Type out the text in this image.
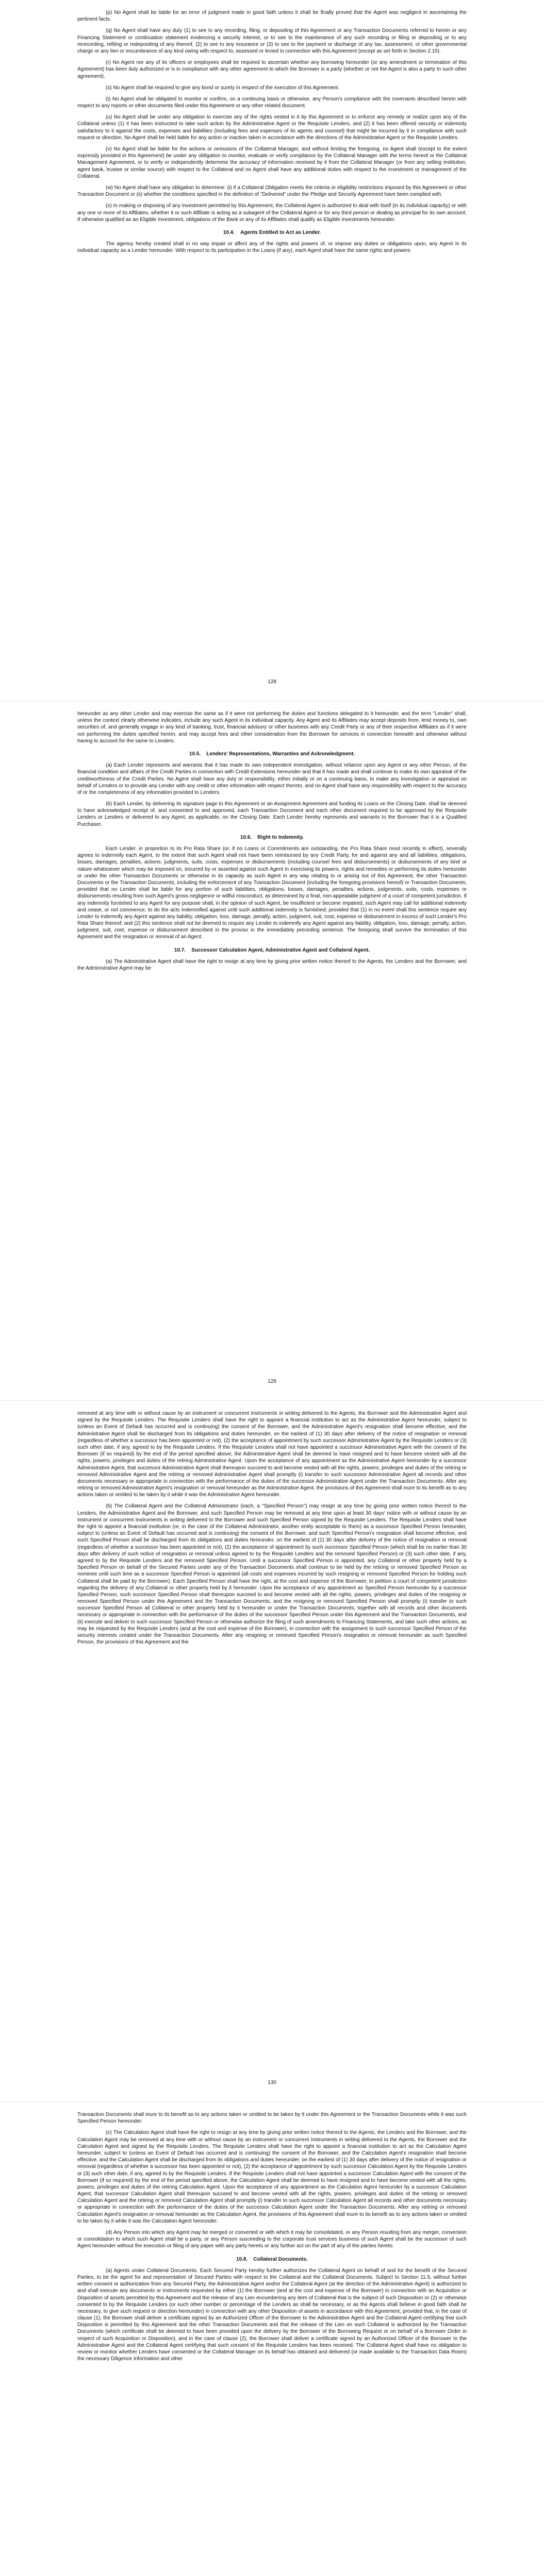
(p) No Agent shall be liable for an error of judgment made in good faith unless it shall be finally proved that the Agent was negligent in ascertaining the pertinent facts.

(q) No Agent shall have any duty (1) to see to any recording, filing, or depositing of this Agreement or any Transaction Documents referred to herein or any Financing Statement or continuation statement evidencing a security interest, or to see to the maintenance of any such recording or filing or depositing or to any rerecording, refiling or redepositing of any thereof, (2) to see to any insurance or (3) to see to the payment or discharge of any tax, assessment, or other governmental charge or any lien or encumbrance of any kind owing with respect to, assessed or levied in connection with this Agreement (except as set forth in Section 2.15).

(r) No Agent nor any of its officers or employees shall be required to ascertain whether any borrowing hereunder (or any amendment or termination of this Agreement) has been duly authorized or is in compliance with any other agreement to which the Borrower is a party (whether or not the Agent is also a party to such other agreement).

(s) No Agent shall be required to give any bond or surety in respect of the execution of this Agreement.

(t) No Agent shall be obligated to monitor or confirm, on a continuing basis or otherwise, any Person's compliance with the covenants described herein with respect to any reports or other documents filed under this Agreement or any other related document.

(u) No Agent shall be under any obligation to exercise any of the rights vested in it by this Agreement or to enforce any remedy or realize upon any of the Collateral unless (1) it has been instructed to take such action by the Administrative Agent or the Requisite Lenders, and (2) it has been offered security or indemnity satisfactory to it against the costs, expenses and liabilities (including fees and expenses of its agents and counsel) that might be incurred by it in compliance with such request or direction. No Agent shall be held liable for any action or inaction taken in accordance with the directions of the Administrative Agent or the Requisite Lenders.

(v) No Agent shall be liable for the actions or omissions of the Collateral Manager, and without limiting the foregoing, no Agent shall (except to the extent expressly provided in this Agreement) be under any obligation to monitor, evaluate or verify compliance by the Collateral Manager with the terms hereof or the Collateral Management Agreement, or to verify or independently determine the accuracy of information received by it from the Collateral Manager (or from any selling institution, agent bank, trustee or similar source) with respect to the Collateral and no Agent shall have any additional duties with respect to the investment or management of the Collateral.

(w) No Agent shall have any obligation to determine: (i) if a Collateral Obligation meets the criteria or eligibility restrictions imposed by this Agreement or other Transaction Document or (ii) whether the conditions specified in the definition of "Delivered" under the Pledge and Security Agreement have been complied with.

(x) In making or disposing of any investment permitted by this Agreement, the Collateral Agent is authorized to deal with itself (in its individual capacity) or with any one or more of its Affiliates, whether it or such Affiliate is acting as a subagent of the Collateral Agent or for any third person or dealing as principal for its own account. If otherwise qualified as an Eligible Investment, obligations of the Bank or any of its Affiliates shall qualify as Eligible Investments hereunder.

10.4. Agents Entitled to Act as Lender.

The agency hereby created shall in no way impair or affect any of the rights and powers of, or impose any duties or obligations upon, any Agent in its individual capacity as a Lender hereunder. With respect to its participation in the Loans (if any), each Agent shall have the same rights and powers

128

hereunder as any other Lender and may exercise the same as if it were not performing the duties and functions delegated to it hereunder, and the term "Lender" shall, unless the context clearly otherwise indicates, include any such Agent in its individual capacity. Any Agent and its Affiliates may accept deposits from, lend money to, own securities of, and generally engage in any kind of banking, trust, financial advisory or other business with any Credit Party or any of their respective Affiliates as if it were not performing the duties specified herein, and may accept fees and other consideration from the Borrower for services in connection herewith and otherwise without having to account for the same to Lenders.

10.5. Lenders' Representations, Warranties and Acknowledgment.

(a) Each Lender represents and warrants that it has made its own independent investigation, without reliance upon any Agent or any other Person, of the financial condition and affairs of the Credit Parties in connection with Credit Extensions hereunder and that it has made and shall continue to make its own appraisal of the creditworthiness of the Credit Parties. No Agent shall have any duty or responsibility, either initially or on a continuing basis, to make any investigation or appraisal on behalf of Lenders or to provide any Lender with any credit or other information with respect thereto, and no Agent shall have any responsibility with respect to the accuracy of or the completeness of any information provided to Lenders.

(b) Each Lender, by delivering its signature page to this Agreement or an Assignment Agreement and funding its Loans on the Closing Date, shall be deemed to have acknowledged receipt of, and consented to and approved, each Transaction Document and each other document required to be approved by the Requisite Lenders or Lenders or delivered to any Agent, as applicable, on the Closing Date. Each Lender hereby represents and warrants to the Borrower that it is a Qualified Purchaser.

10.6. Right to Indemnity.

Each Lender, in proportion to its Pro Rata Share (or, if no Loans or Commitments are outstanding, the Pro Rata Share most recently in effect), severally agrees to indemnify each Agent, to the extent that such Agent shall not have been reimbursed by any Credit Party, for and against any and all liabilities, obligations, losses, damages, penalties, actions, judgments, suits, costs, expenses or disbursements (including counsel fees and disbursements) or disbursements of any kind or nature whatsoever which may be imposed on, incurred by or asserted against such Agent in exercising its powers, rights and remedies or performing its duties hereunder or under the other Transaction Documents or otherwise in its capacity as such Agent in any way relating to or arising out of this Agreement, the other Transaction Documents or the Transaction Documents, including the enforcement of any Transaction Document (including the foregoing provisions hereof) or Transaction Documents; provided that no Lender shall be liable for any portion of such liabilities, obligations, losses, damages, penalties, actions, judgments, suits, costs, expenses or disbursements resulting from such Agent's gross negligence or willful misconduct, as determined by a final, non-appealable judgment of a court of competent jurisdiction. If any indemnity furnished to any Agent for any purpose shall, in the opinion of such Agent, be insufficient or become impaired, such Agent may call for additional indemnity and cease, or not commence, to do the acts indemnified against until such additional indemnity is furnished; provided that (1) in no event shall this sentence require any Lender to indemnify any Agent against any liability, obligation, loss, damage, penalty, action, judgment, suit, cost, expense or disbursement in excess of such Lender's Pro Rata Share thereof; and (2) this sentence shall not be deemed to require any Lender to indemnify any Agent against any liability, obligation, loss, damage, penalty, action, judgment, suit, cost, expense or disbursement described in the proviso in the immediately preceding sentence. The foregoing shall survive the termination of this Agreement and the resignation or removal of an Agent.

10.7. Successor Calculation Agent, Administrative Agent and Collateral Agent.

(a) The Administrative Agent shall have the right to resign at any time by giving prior written notice thereof to the Agents, the Lenders and the Borrower, and the Administrative Agent may be

129

removed at any time with or without cause by an instrument or concurrent instruments in writing delivered to the Agents, the Borrower and the Administrative Agent and signed by the Requisite Lenders. The Requisite Lenders shall have the right to appoint a financial institution to act as the Administrative Agent hereunder, subject to (unless an Event of Default has occurred and is continuing) the consent of the Borrower, and the Administrative Agent's resignation shall become effective, and the Administrative Agent shall be discharged from its obligations and duties hereunder, on the earliest of (1) 30 days after delivery of the notice of resignation or removal (regardless of whether a successor has been appointed or not), (2) the acceptance of appointment by such successor Administrative Agent by the Requisite Lenders or (3) such other date, if any, agreed to by the Requisite Lenders. If the Requisite Lenders shall not have appointed a successor Administrative Agent with the consent of the Borrower (if so required) by the end of the period specified above, the Administrative Agent shall be deemed to have resigned and to have become vested with all the rights, powers, privileges and duties of the retiring Administrative Agent. Upon the acceptance of any appointment as the Administrative Agent hereunder by a successor Administrative Agent, that successor Administrative Agent shall thereupon succeed to and become vested with all the rights, powers, privileges and duties of the retiring or removed Administrative Agent and the retiring or removed Administrative Agent shall promptly (i) transfer to such successor Administrative Agent all records and other documents necessary or appropriate in connection with the performance of the duties of the successor Administrative Agent under the Transaction Documents. After any retiring or removed Administrative Agent's resignation or removal hereunder as the Administrative Agent, the provisions of this Agreement shall inure to its benefit as to any actions taken or omitted to be taken by it while it was the Administrative Agent hereunder.

(b) The Collateral Agent and the Collateral Administrator (each, a "Specified Person") may resign at any time by giving prior written notice thereof to the Lenders, the Administrative Agent and the Borrower, and such Specified Person may be removed at any time upon at least 30 days' notice with or without cause by an instrument or concurrent instruments in writing delivered to the Borrower and such Specified Person signed by the Requisite Lenders. The Requisite Lenders shall have the right to appoint a financial institution (or, in the case of the Collateral Administrator, another entity acceptable to them) as a successor Specified Person hereunder, subject to (unless an Event of Default has occurred and is continuing) the consent of the Borrower, and such Specified Person's resignation shall become effective, and such Specified Person shall be discharged from its obligations and duties hereunder, on the earliest of (1) 30 days after delivery of the notice of resignation or removal (regardless of whether a successor has been appointed or not), (2) the acceptance of appointment by such successor Specified Person (which shall be no earlier than 30 days after delivery of such notice of resignation or removal unless agreed to by the Requisite Lenders and the removed Specified Person) or (3) such other date, if any, agreed to by the Requisite Lenders and the removed Specified Person. Until a successor Specified Person is appointed, any Collateral or other property held by a Specified Person on behalf of the Secured Parties under any of the Transaction Documents shall continue to be held by the retiring or removed Specified Person as nominee until such time as a successor Specified Person is appointed (all costs and expenses incurred by such resigning or removed Specified Person for holding such Collateral shall be paid by the Borrower). Each Specified Person shall have the right, at the cost and expense of the Borrower, to petition a court of competent jurisdiction regarding the delivery of any Collateral or other property held by it hereunder. Upon the acceptance of any appointment as Specified Person hereunder by a successor Specified Person, such successor Specified Person shall thereupon succeed to and become vested with all the rights, powers, privileges and duties of the resigning or removed Specified Person under this Agreement and the Transaction Documents, and the resigning or removed Specified Person shall promptly (i) transfer to such successor Specified Person all Collateral or other property held by it hereunder or under the Transaction Documents, together with all records and other documents necessary or appropriate in connection with the performance of the duties of the successor Specified Person under this Agreement and the Transaction Documents, and (ii) execute and deliver to such successor Specified Person or otherwise authorize the filing of such amendments to Financing Statements, and take such other actions, as may be requested by the Requisite Lenders (and at the cost and expense of the Borrower), in connection with the assignment to such successor Specified Person of the security interests created under the Transaction Documents. After any resigning or removed Specified Person's resignation or removal hereunder as such Specified Person, the provisions of this Agreement and the

130

Transaction Documents shall inure to its benefit as to any actions taken or omitted to be taken by it under this Agreement or the Transaction Documents while it was such Specified Person hereunder.

(c) The Calculation Agent shall have the right to resign at any time by giving prior written notice thereof to the Agents, the Lenders and the Borrower, and the Calculation Agent may be removed at any time with or without cause by an instrument or concurrent instruments in writing delivered to the Agents, the Borrower and the Calculation Agent and signed by the Requisite Lenders. The Requisite Lenders shall have the right to appoint a financial institution to act as the Calculation Agent hereunder, subject to (unless an Event of Default has occurred and is continuing) the consent of the Borrower, and the Calculation Agent's resignation shall become effective, and the Calculation Agent shall be discharged from its obligations and duties hereunder, on the earliest of (1) 30 days after delivery of the notice of resignation or removal (regardless of whether a successor has been appointed or not), (2) the acceptance of appointment by such successor Calculation Agent by the Requisite Lenders or (3) such other date, if any, agreed to by the Requisite Lenders. If the Requisite Lenders shall not have appointed a successor Calculation Agent with the consent of the Borrower (if so required) by the end of the period specified above, the Calculation Agent shall be deemed to have resigned and to have become vested with all the rights, powers, privileges and duties of the retiring Calculation Agent. Upon the acceptance of any appointment as the Calculation Agent hereunder by a successor Calculation Agent, that successor Calculation Agent shall thereupon succeed to and become vested with all the rights, powers, privileges and duties of the retiring or removed Calculation Agent and the retiring or removed Calculation Agent shall promptly (i) transfer to such successor Calculation Agent all records and other documents necessary or appropriate in connection with the performance of the duties of the successor Calculation Agent under the Transaction Documents. After any retiring or removed Calculation Agent's resignation or removal hereunder as the Calculation Agent, the provisions of this Agreement shall inure to its benefit as to any actions taken or omitted to be taken by it while it was the Calculation Agent hereunder.

(d) Any Person into which any Agent may be merged or converted or with which it may be consolidated, or any Person resulting from any merger, conversion or consolidation to which such Agent shall be a party, or any Person succeeding to the corporate trust services business of such Agent shall be the successor of such Agent hereunder without the execution or filing of any paper with any party hereto or any further act on the part of any of the parties hereto.

10.8. Collateral Documents.

(a) Agents under Collateral Documents. Each Secured Party hereby further authorizes the Collateral Agent on behalf of and for the benefit of the Secured Parties, to be the agent for and representative of Secured Parties with respect to the Collateral and the Collateral Documents. Subject to Section 11.5, without further written consent or authorization from any Secured Party, the Administrative Agent and/or the Collateral Agent (at the direction of the Administrative Agent) is authorized to and shall execute any documents or instruments requested by either (1) the Borrower (and at the cost and expense of the Borrower) in connection with an Acquisition or Disposition of assets permitted by this Agreement and the release of any Lien encumbering any item of Collateral that is the subject of such Disposition or (2) or otherwise consented to by the Requisite Lenders (or such other number or percentage of the Lenders as shall be necessary, or as the Agents shall believe in good faith shall be necessary, to give such request or direction hereunder) in connection with any other Disposition of assets in accordance with this Agreement; provided that, in the case of clause (1), the Borrower shall deliver a certificate signed by an Authorized Officer of the Borrower to the Administrative Agent and the Collateral Agent certifying that such Disposition is permitted by this Agreement and the other Transaction Documents and that the release of the Lien on such Collateral is authorized by the Transaction Documents (which certificate shall be deemed to have been provided upon the delivery by the Borrower of the Borrowing Request or on behalf of a Borrower Order in respect of such Acquisition or Disposition), and in the case of clause (2), the Borrower shall deliver a certificate signed by an Authorized Officer of the Borrower to the Administrative Agent and the Collateral Agent certifying that such consent of the Requisite Lenders has been received. The Collateral Agent shall have no obligation to review or monitor whether Lenders have consented or the Collateral Manager on its behalf has obtained and delivered (or made available to the Transaction Data Room) the necessary Diligence Information and other
